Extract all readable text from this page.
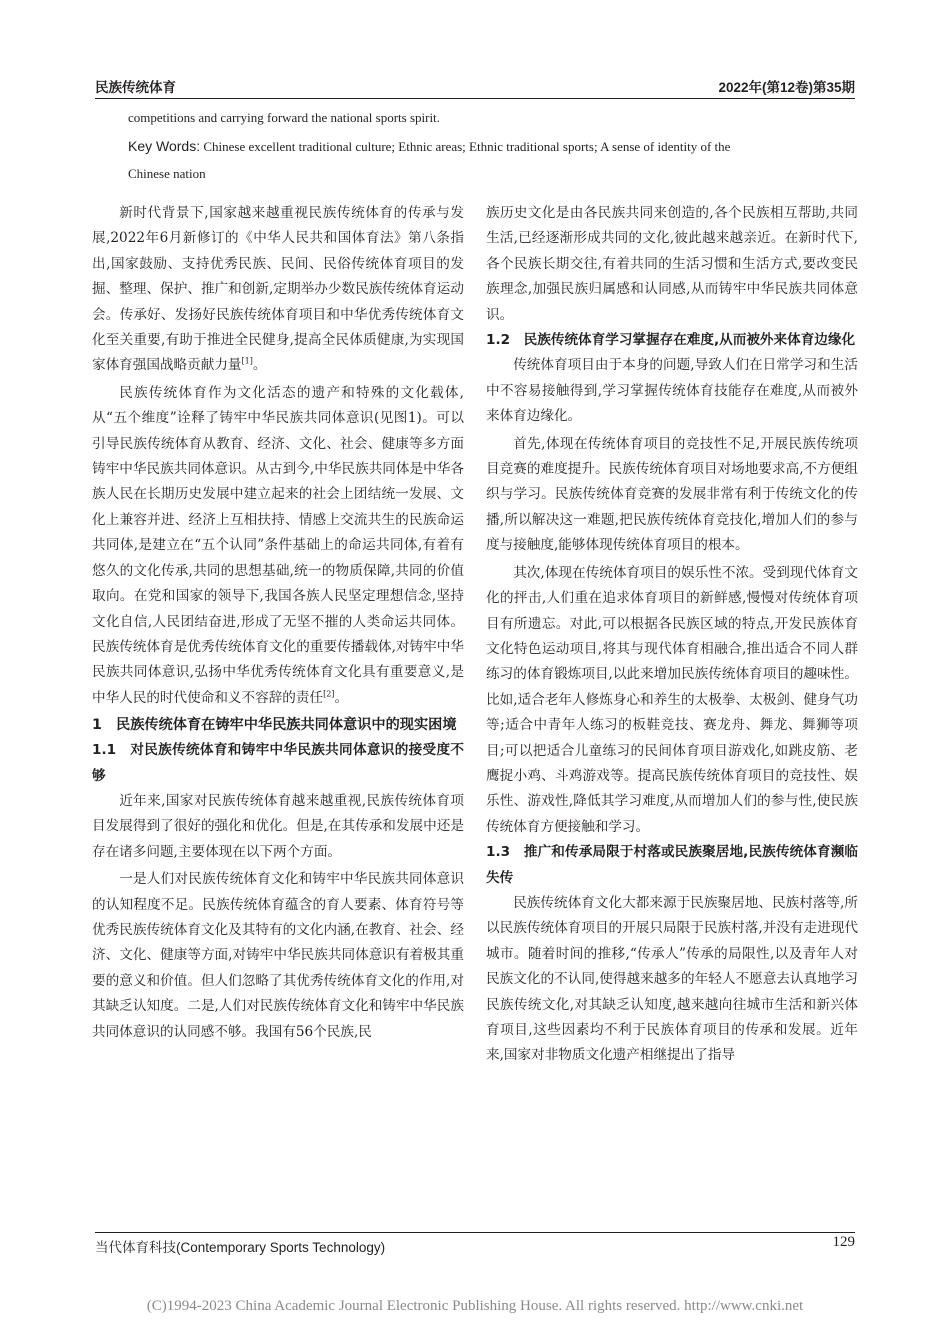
民族传统体育	2022年(第12卷)第35期
competitions and carrying forward the national sports spirit.
Key Words: Chinese excellent traditional culture; Ethnic areas; Ethnic traditional sports; A sense of identity of the
Chinese nation

新时代背景下,国家越来越重视民族传统体育的传承与发展,2022年6月新修订的《中华人民共和国体育法》第八条指出,国家鼓励、支持优秀民族、民间、民俗传统体育项目的发掘、整理、保护、推广和创新,定期举办少数民族传统体育运动会。传承好、发扬好民族传统体育项目和中华优秀传统体育文化至关重要,有助于推进全民健身,提高全民体质健康,为实现国家体育强国战略贡献力量[1]。

民族传统体育作为文化活态的遗产和特殊的文化载体,从“五个维度”诠释了铸牢中华民族共同体意识(见图1)。可以引导民族传统体育从教育、经济、文化、社会、健康等多方面铸牢中华民族共同体意识。从古到今,中华民族共同体是中华各族人民在长期历史发展中建立起来的社会上团结统一发展、文化上兼容并进、经济上互相扶持、情感上交流共生的民族命运共同体,是建立在“五个认同”条件基础上的命运共同体,有着有悠久的文化传承,共同的思想基础,统一的物质保障,共同的价值取向。在党和国家的领导下,我国各族人民坚定理想信念,坚持文化自信,人民团结奋进,形成了无坚不摧的人类命运共同体。民族传统体育是优秀传统体育文化的重要传播载体,对铸牢中华民族共同体意识,弘扬中华优秀传统体育文化具有重要意义,是中华人民的时代使命和义不容辞的责任[2]。

1　民族传统体育在铸牢中华民族共同体意识中的现实困境
1.1　对民族传统体育和铸牢中华民族共同体意识的接受度不够

近年来,国家对民族传统体育越来越重视,民族传统体育项目发展得到了很好的强化和优化。但是,在其传承和发展中还是存在诸多问题,主要体现在以下两个方面。

一是人们对民族传统体育文化和铸牢中华民族共同体意识的认知程度不足。民族传统体育蕴含的育人要素、体育符号等优秀民族传统体育文化及其特有的文化内涵,在教育、社会、经济、文化、健康等方面,对铸牢中华民族共同体意识有着极其重要的意义和价值。但人们忽略了其优秀传统体育文化的作用,对其缺乏认知度。二是,人们对民族传统体育文化和铸牢中华民族共同体意识的认同感不够。我国有56个民族,民

族历史文化是由各民族共同来创造的,各个民族相互帮助,共同生活,已经逐渐形成共同的文化,彼此越来越亲近。在新时代下,各个民族长期交往,有着共同的生活习惯和生活方式,要改变民族理念,加强民族归属感和认同感,从而铸牢中华民族共同体意识。

1.2　民族传统体育学习掌握存在难度,从而被外来体育边缘化

传统体育项目由于本身的问题,导致人们在日常学习和生活中不容易接触得到,学习掌握传统体育技能存在难度,从而被外来体育边缘化。

首先,体现在传统体育项目的竞技性不足,开展民族传统项目竞赛的难度提升。民族传统体育项目对场地要求高,不方便组织与学习。民族传统体育竞赛的发展非常有利于传统文化的传播,所以解决这一难题,把民族传统体育竞技化,增加人们的参与度与接触度,能够体现传统体育项目的根本。

其次,体现在传统体育项目的娱乐性不浓。受到现代体育文化的抨击,人们重在追求体育项目的新鲜感,慢慢对传统体育项目有所遗忘。对此,可以根据各民族区域的特点,开发民族体育文化特色运动项目,将其与现代体育相融合,推出适合不同人群练习的体育锻炼项目,以此来增加民族传统体育项目的趣味性。比如,适合老年人修炼身心和养生的太极拳、太极剑、健身气功等;适合中青年人练习的板鞋竞技、赛龙舟、舞龙、舞狮等项目;可以把适合儿童练习的民间体育项目游戏化,如跳皮筋、老鹰捉小鸡、斗鸡游戏等。提高民族传统体育项目的竞技性、娱乐性、游戏性,降低其学习难度,从而增加人们的参与性,使民族传统体育方便接触和学习。

1.3　推广和传承局限于村落或民族聚居地,民族传统体育濒临失传

民族传统体育文化大都来源于民族聚居地、民族村落等,所以民族传统体育项目的开展只局限于民族村落,并没有走进现代城市。随着时间的推移,“传承人”传承的局限性,以及青年人对民族文化的不认同,使得越来越多的年轻人不愿意去认真地学习民族传统文化,对其缺乏认知度,越来越向往城市生活和新兴体育项目,这些因素均不利于民族体育项目的传承和发展。近年来,国家对非物质文化遗产相继提出了指导

当代体育科技(Contemporary Sports Technology)	129
(C)1994-2023 China Academic Journal Electronic Publishing House. All rights reserved. http://www.cnki.net
